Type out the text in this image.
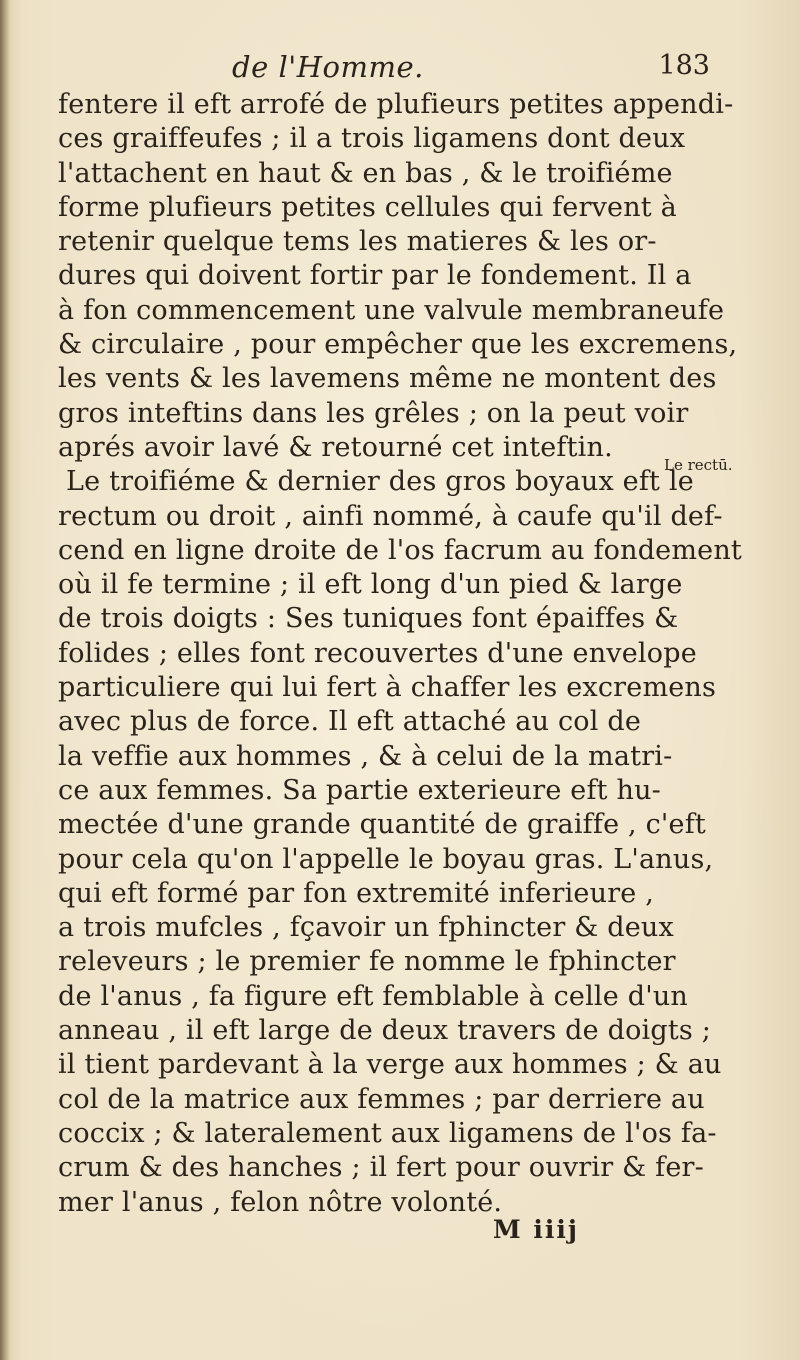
de l'Homme.	183
fentere il eft arrofé de plufieurs petites appendi-
ces graiffeufes ; il a trois ligamens dont deux
l'attachent en haut & en bas , & le troifiéme
forme plufieurs petites cellules qui fervent à
retenir quelque tems les matieres & les or-
dures qui doivent fortir par le fondement. Il a
à fon commencement une valvule membraneufe
& circulaire , pour empêcher que les excremens,
les vents & les lavemens même ne montent des
gros inteftins dans les grêles ; on la peut voir
aprés avoir lavé & retourné cet inteftin.
Le troifiéme & dernier des gros boyaux eft le
rectum ou droit , ainfi nommé, à caufe qu'il def-
cend en ligne droite de l'os facrum au fondement
où il fe termine ; il eft long d'un pied & large
de trois doigts : Ses tuniques font épaiffes &
folides ; elles font recouvertes d'une envelope
particuliere qui lui fert à chaffer les excremens
avec plus de force. Il eft attaché au col de
la veffie aux hommes , & à celui de la matri-
ce aux femmes. Sa partie exterieure eft hu-
mectée d'une grande quantité de graiffe , c'eft
pour cela qu'on l'appelle le boyau gras. L'anus,
qui eft formé par fon extremité inferieure ,
a trois mufcles , fçavoir un fphincter & deux
releveurs ; le premier fe nomme le fphincter
de l'anus , fa figure eft femblable à celle d'un
anneau , il eft large de deux travers de doigts ;
il tient pardevant à la verge aux hommes ; & au
col de la matrice aux femmes ; par derriere au
coccix ; & lateralement aux ligamens de l'os fa-
crum & des hanches ; il fert pour ouvrir & fer-
mer l'anus , felon nôtre volonté.
Le rectū.
M iiij
